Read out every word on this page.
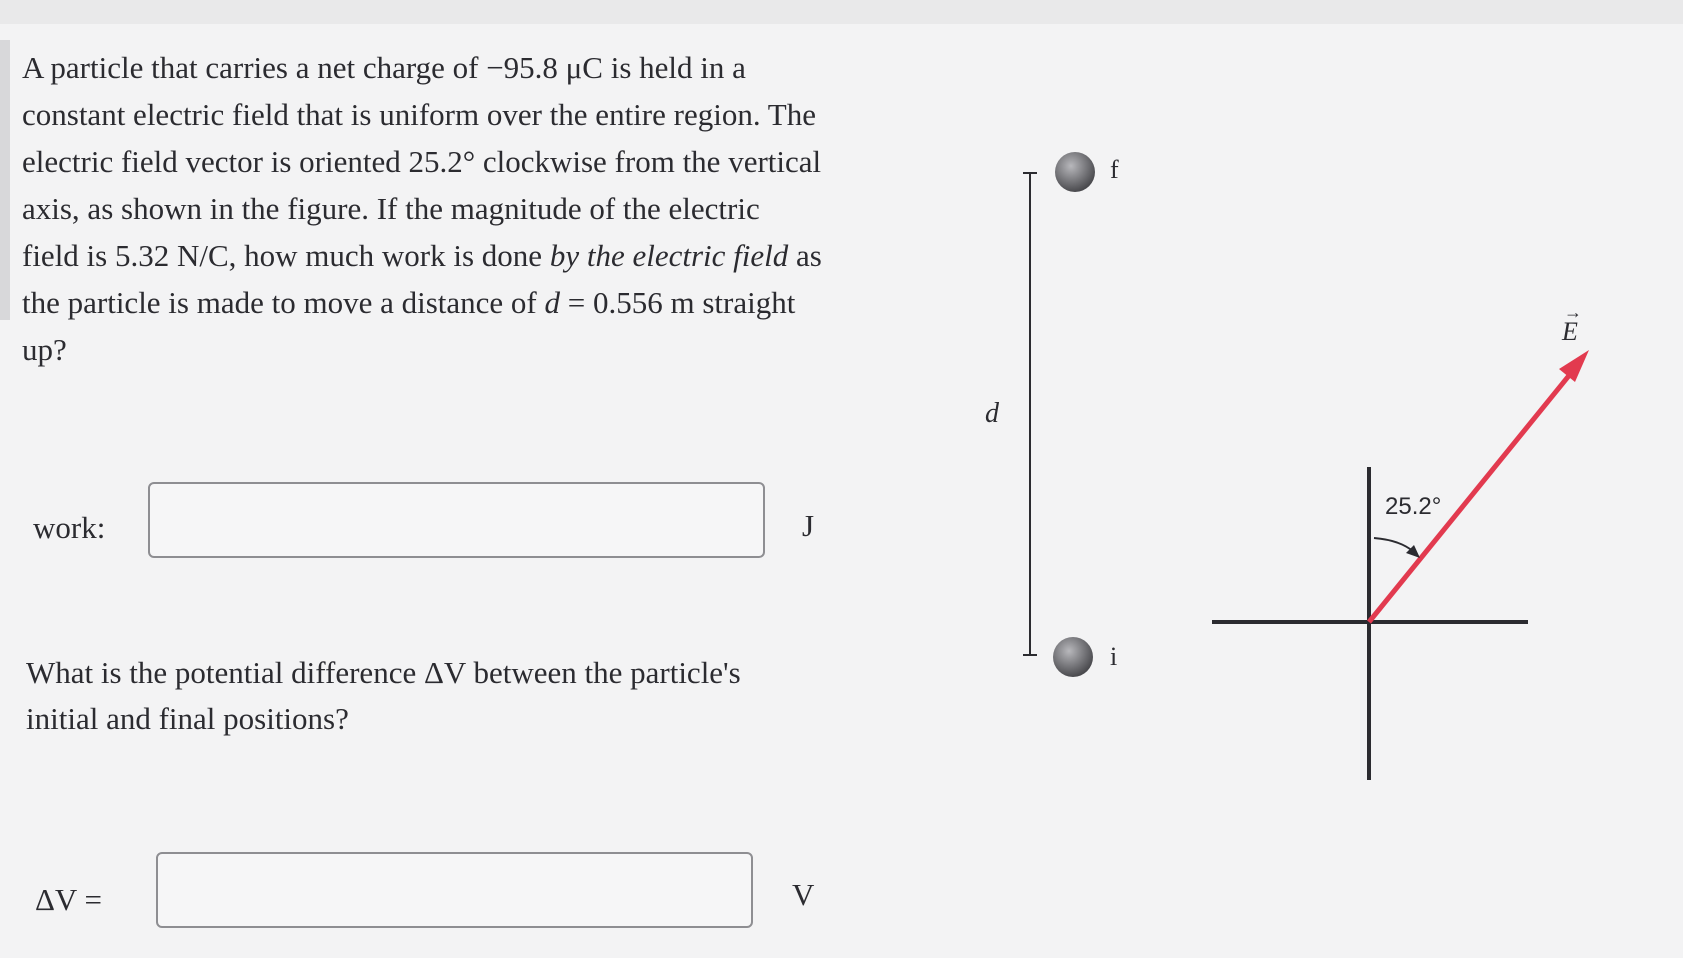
A particle that carries a net charge of −95.8 μC is held in a constant electric field that is uniform over the entire region. The electric field vector is oriented 25.2° clockwise from the vertical axis, as shown in the figure. If the magnitude of the electric field is 5.32 N/C, how much work is done by the electric field as the particle is made to move a distance of d = 0.556 m straight up?
work:	J
What is the potential difference ΔV between the particle's initial and final positions?
ΔV =	V
d
f
i
E
→
25.2°
